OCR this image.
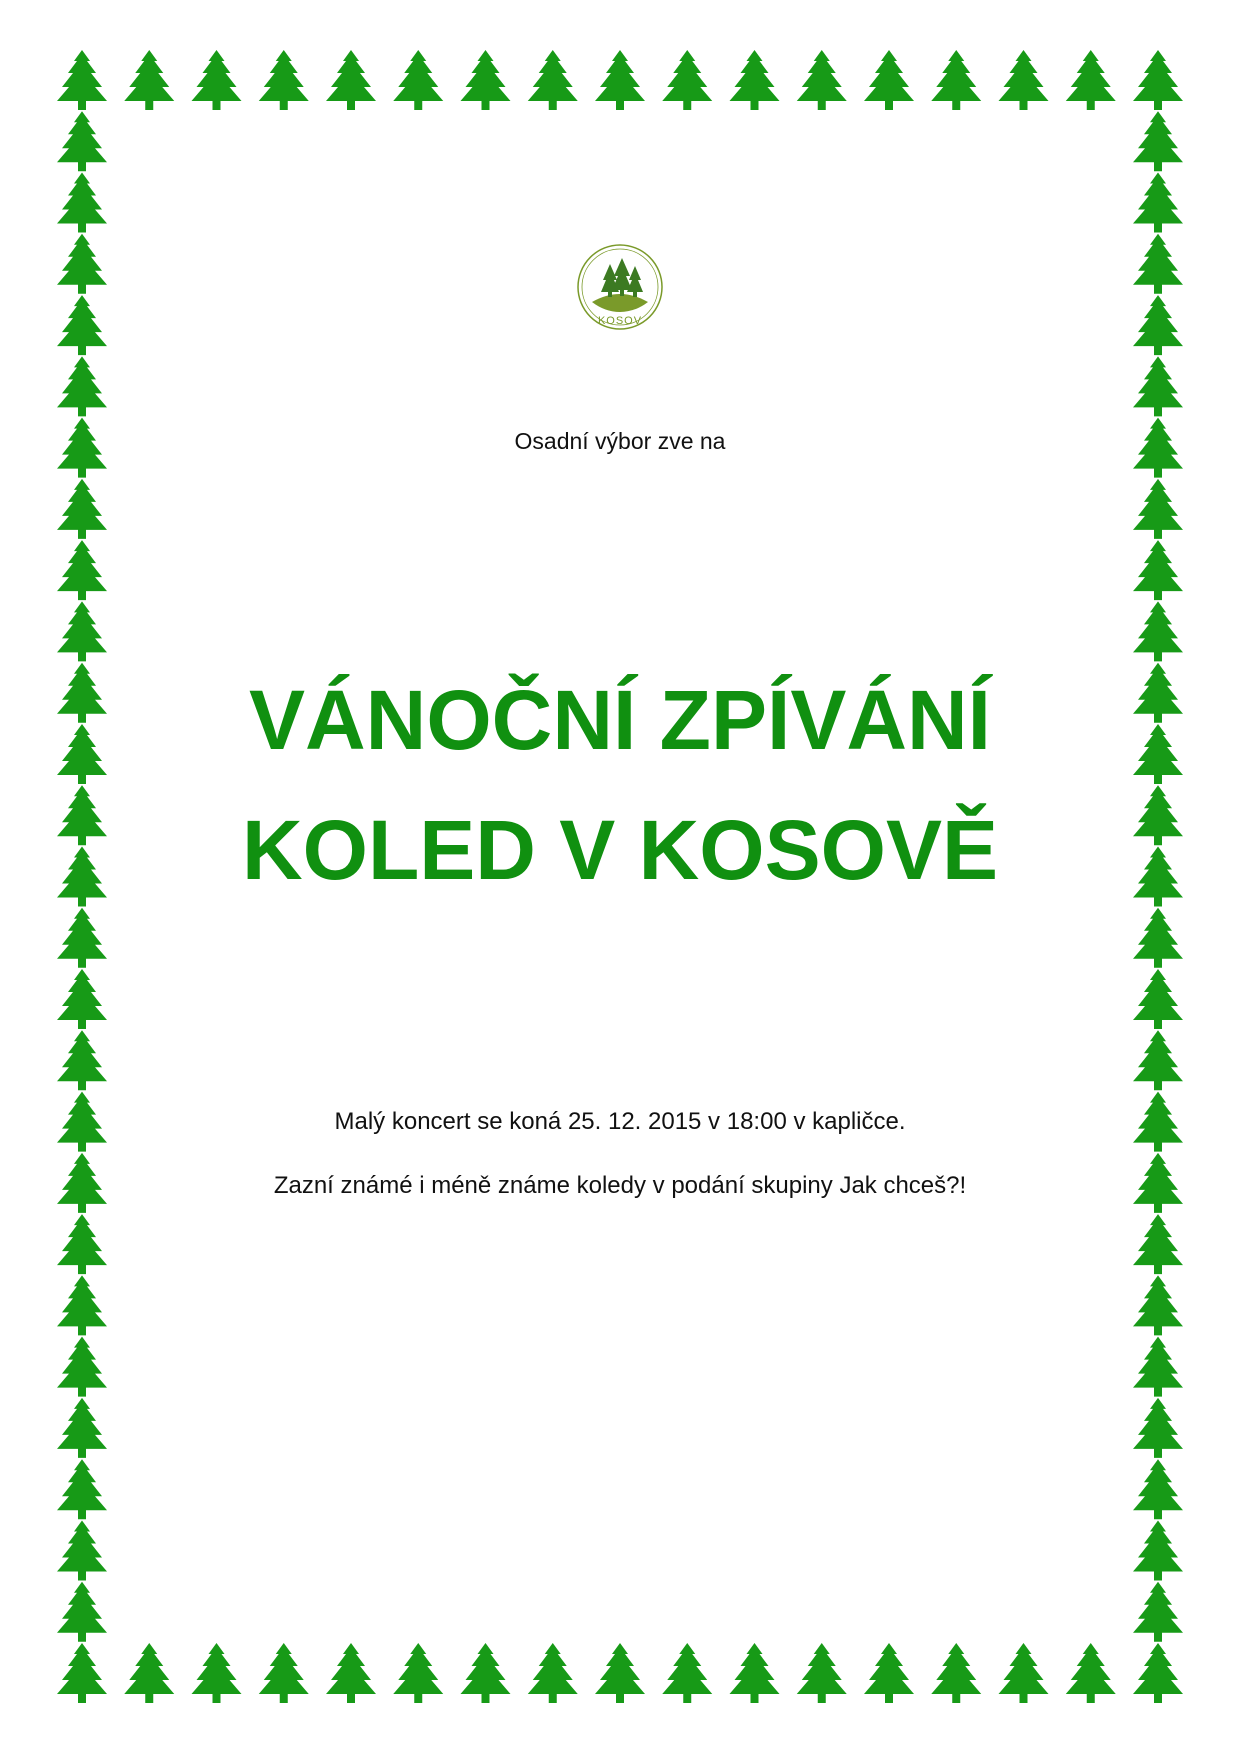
KOSOV
Osadní výbor zve na
VÁNOČNÍ ZPÍVÁNÍ
KOLED V KOSOVĚ
Malý koncert se koná 25. 12. 2015 v 18:00 v kapličce.
Zazní známé i méně známe koledy v podání skupiny Jak chceš?!
